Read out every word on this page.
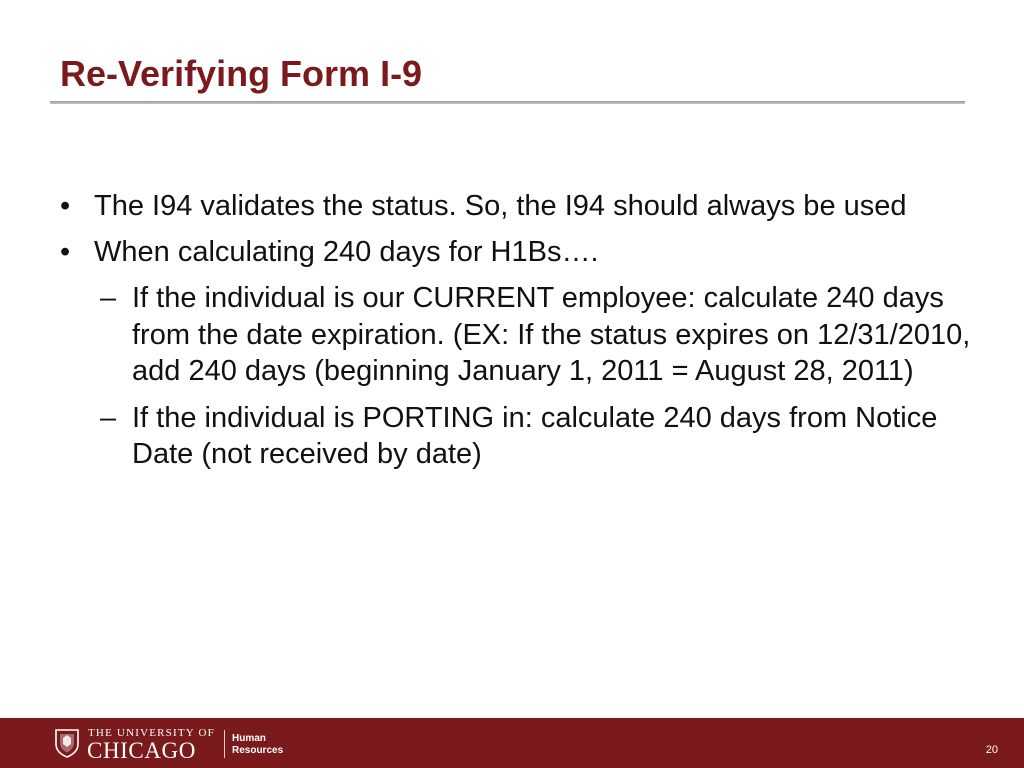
Re-Verifying Form I-9
• The I94 validates the status. So, the I94 should always be used
• When calculating 240 days for H1Bs….
– If the individual is our CURRENT employee: calculate 240 days from the date expiration. (EX: If the status expires on 12/31/2010, add 240 days (beginning January 1, 2011 = August 28, 2011)
– If the individual is PORTING in: calculate 240 days from Notice Date (not received by date)
THE UNIVERSITY OF
CHICAGO	Human
Resources	20
